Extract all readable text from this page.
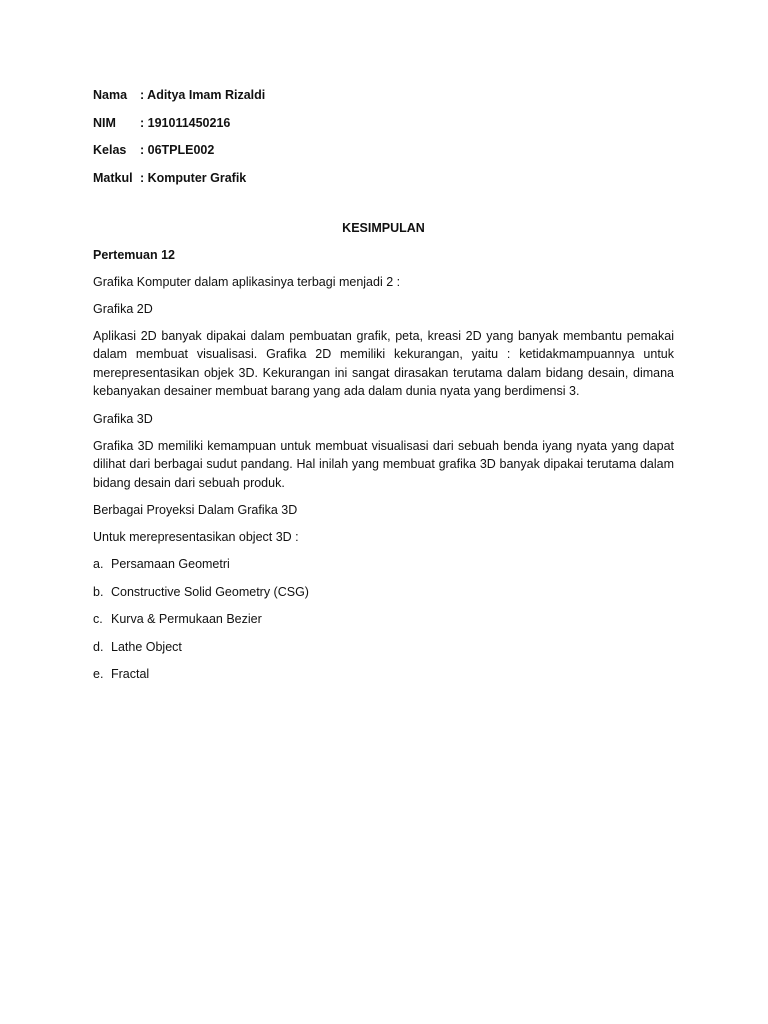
Nama	: Aditya Imam Rizaldi
NIM	: 191011450216
Kelas	: 06TPLE002
Matkul : Komputer Grafik
KESIMPULAN
Pertemuan 12

Grafika Komputer dalam aplikasinya terbagi menjadi 2 :

Grafika 2D

Aplikasi 2D banyak dipakai dalam pembuatan grafik, peta, kreasi 2D yang banyak membantu pemakai dalam membuat visualisasi. Grafika 2D memiliki kekurangan, yaitu : ketidakmampuannya untuk merepresentasikan objek 3D. Kekurangan ini sangat dirasakan terutama dalam bidang desain, dimana kebanyakan desainer membuat barang yang ada dalam dunia nyata yang berdimensi 3.

Grafika 3D

Grafika 3D memiliki kemampuan untuk membuat visualisasi dari sebuah benda iyang nyata yang dapat dilihat dari berbagai sudut pandang. Hal inilah yang membuat grafika 3D banyak dipakai terutama dalam bidang desain dari sebuah produk.

Berbagai Proyeksi Dalam Grafika 3D

Untuk merepresentasikan object 3D :

a. Persamaan Geometri
b. Constructive Solid Geometry (CSG)
c. Kurva & Permukaan Bezier
d. Lathe Object
e. Fractal
